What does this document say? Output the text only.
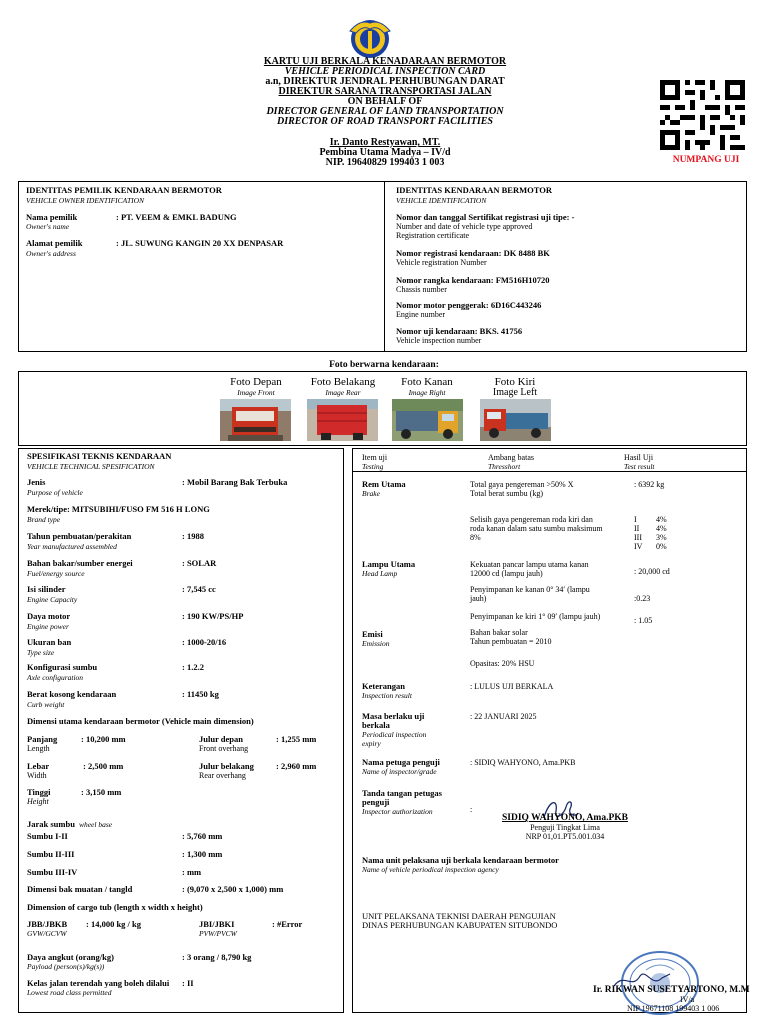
KARTU UJI BERKALA KENADARAAN BERMOTOR
VEHICLE PERIODICAL INSPECTION CARD
a.n, DIREKTUR JENDRAL PERHUBUNGAN DARAT
DIREKTUR SARANA TRANSPORTASI JALAN
ON BEHALF OF
DIRECTOR GENERAL OF LAND TRANSPORTATION
DIRECTOR OF ROAD TRANSPORT FACILITIES
Ir. Danto Restyawan, MT.
Pembina Utama Madya – IV/d
NIP. 19640829 199403 1 003	NUMPANG UJI
IDENTITAS PEMILIK KENDARAAN BERMOTOR
VEHICLE OWNER IDENTIFICATION
Nama pemilik
Owner's name
: PT. VEEM & EMKL BADUNG
Alamat pemilik
Owner's address
: JL. SUWUNG KANGIN 20 XX DENPASAR
IDENTITAS KENDARAAN BERMOTOR
VEHICLE IDENTIFICATION
Nomor dan tanggal Sertifikat registrasi uji tipe: -
Number and date of vehicle type approved
Registration certificate
Nomor registrasi kendaraan: DK 8488 BK
Vehicle registration Number
Nomor rangka kendaraan: FM516H10720
Chassis number
Nomor motor penggerak: 6D16C443246
Engine number
Nomor uji kendaraan: BKS. 41756
Vehicle inspection number
Foto berwarna kendaraan:
Foto Depan
Image Front
Foto Belakang
Image Rear
Foto Kanan
Image Right
Foto Kiri
Image Left
SPESIFIKASI TEKNIS KENDARAAN
VEHICLE TECHNICAL SPESIFICATION
Jenis
Purpose of vehicle
: Mobil Barang Bak Terbuka
Merek/tipe: MITSUBIHI/FUSO FM 516 H LONG
Brand type
Tahun pembuatan/perakitan
Year manufactured assembled
: 1988
Bahan bakar/sumber energei
Fuel/energy source
: SOLAR
Isi silinder
Engine Capacity
: 7,545 cc
Daya motor
Engine power
: 190 KW/PS/HP
Ukuran ban
Type size
: 1000-20/16
Konfigurasi sumbu
Axle configuration
: 1.2.2
Berat kosong kendaraan
Curb weight
: 11450 kg
Dimensi utama kendaraan bermotor (Vehicle main dimension)
Panjang
Length
: 10,200 mm	Julur depan
Front overhang
: 1,255 mm
Lebar
Width
: 2,500 mm	Julur belakang
Rear overhang
: 2,960 mm
Tinggi
Height
: 3,150 mm
Jarak sumbu wheel base
Sumbu I-II	: 5,760 mm
Sumbu II-III	: 1,300 mm
Sumbu III-IV	: mm
Dimensi bak muatan / tangld	: (9,070 x 2,500 x 1,000) mm
Dimension of cargo tub (length x width x height)
JBB/JBKB
GVW/GCVW
: 14,000 kg / kg	JBI/JBKI
PVW/PVCW
: #Error
Daya angkut (orang/kg)
Payload (person(s)/kg(s))
: 3 orang / 8,790 kg
Kelas jalan terendah yang boleh dilalui
Lowest road class permitted
: II
Item uji
Testing
Ambang batas
Thresshort
Hasil Uji
Test result
Rem Utama
Brake
Total gaya pengereman >50% X
Total berat sumbu (kg)
: 6392 kg
Selisih gaya pengereman roda kiri dan
roda kanan dalam satu sumbu maksimum
8%
I 4%
II 4%
III 3%
IV 0%
Lampu Utama
Head Lamp
Kekuatan pancar lampu utama kanan
12000 cd (lampu jauh)	: 20,000 cd
Penyimpanan ke kanan 0° 34′ (lampu
jauh)	:0.23
Penyimpanan ke kiri 1° 09′ (lampu jauh)	: 1.05
Emisi
Emission
Bahan bakar solar
Tahun pembuatan = 2010
Opasitas: 20% HSU
Keterangan
Inspection result
: LULUS UJI BERKALA
Masa berlaku uji
berkala
Periodical inspection
expiry
: 22 JANUARI 2025
Nama petuga penguji
Name of inspector/grade
: SIDIQ WAHYONO, Ama.PKB
Tanda tangan petugas
penguji
Inspector authorization	:
SIDIQ WAHYONO, Ama.PKB
Penguji Tingkat Lima
NRP 01,01.PT5.001.034
Nama unit pelaksana uji berkala kendaraan bermotor
Name of vehicle periodical inspection agency
UNIT PELAKSANA TEKNISI DAERAH PENGUJIAN
DINAS PERHUBUNGAN KABUPATEN SITUBONDO
Ir. RIKWAN SUSETYARTONO, M.M
IV/a
NIP 19671108 199403 1 006
